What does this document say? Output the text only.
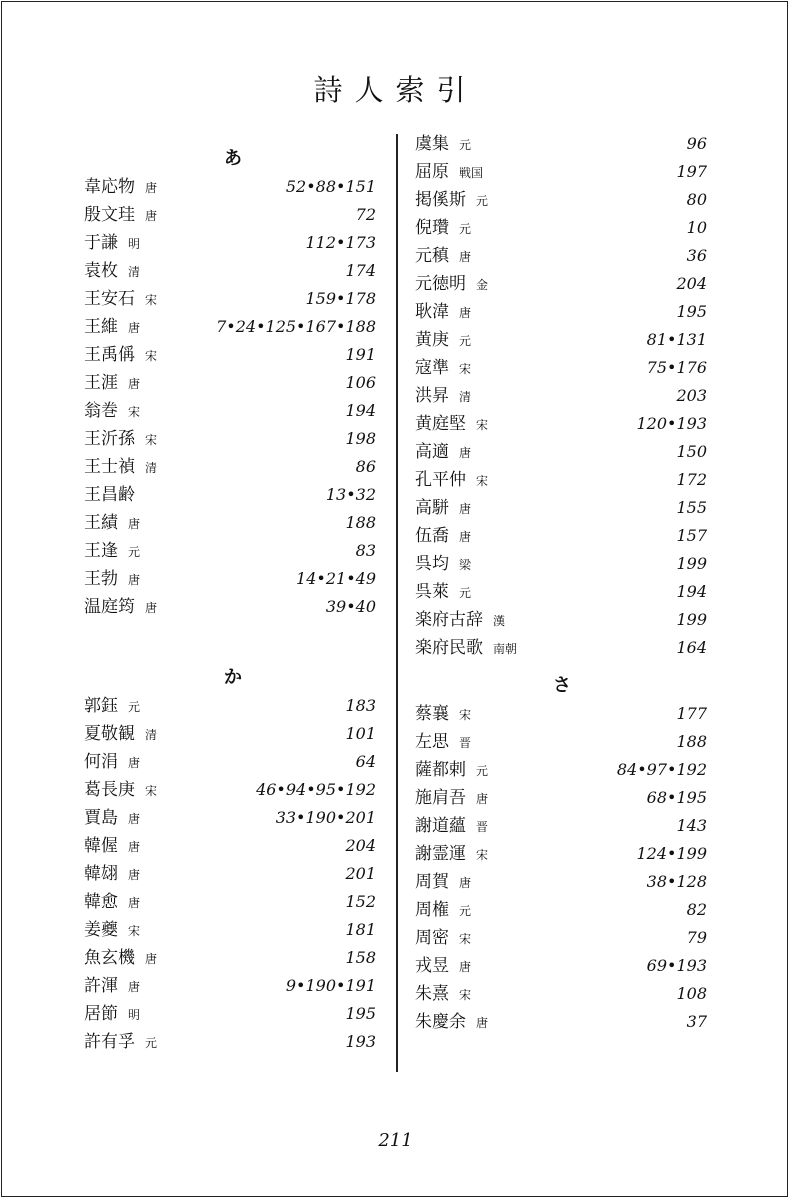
詩人索引
あ
韋応物 唐	52•88•151
殷文珪 唐	72
于謙 明	112•173
袁枚 清	174
王安石 宋	159•178
王維 唐	7•24•125•167•188
王禹偁 宋	191
王涯 唐	106
翁巻 宋	194
王沂孫 宋	198
王士禎 清	86
王昌齢	13•32
王績 唐	188
王逢 元	83
王勃 唐	14•21•49
温庭筠 唐	39•40
か
郭鈺 元	183
夏敬観 清	101
何涓 唐	64
葛長庚 宋	46•94•95•192
賈島 唐	33•190•201
韓偓 唐	204
韓翃 唐	201
韓愈 唐	152
姜夔 宋	181
魚玄機 唐	158
許渾 唐	9•190•191
居節 明	195
許有孚 元	193
虞集 元	96
屈原 戦国	197
掲傒斯 元	80
倪瓚 元	10
元稹 唐	36
元徳明 金	204
耿湋 唐	195
黄庚 元	81•131
寇準 宋	75•176
洪昇 清	203
黄庭堅 宋	120•193
高適 唐	150
孔平仲 宋	172
高駢 唐	155
伍喬 唐	157
呉均 梁	199
呉萊 元	194
楽府古辞 漢	199
楽府民歌 南朝	164
さ
蔡襄 宋	177
左思 晋	188
薩都剌 元	84•97•192
施肩吾 唐	68•195
謝道蘊 晋	143
謝霊運 宋	124•199
周賀 唐	38•128
周権 元	82
周密 宋	79
戎昱 唐	69•193
朱熹 宋	108
朱慶余 唐	37
211
